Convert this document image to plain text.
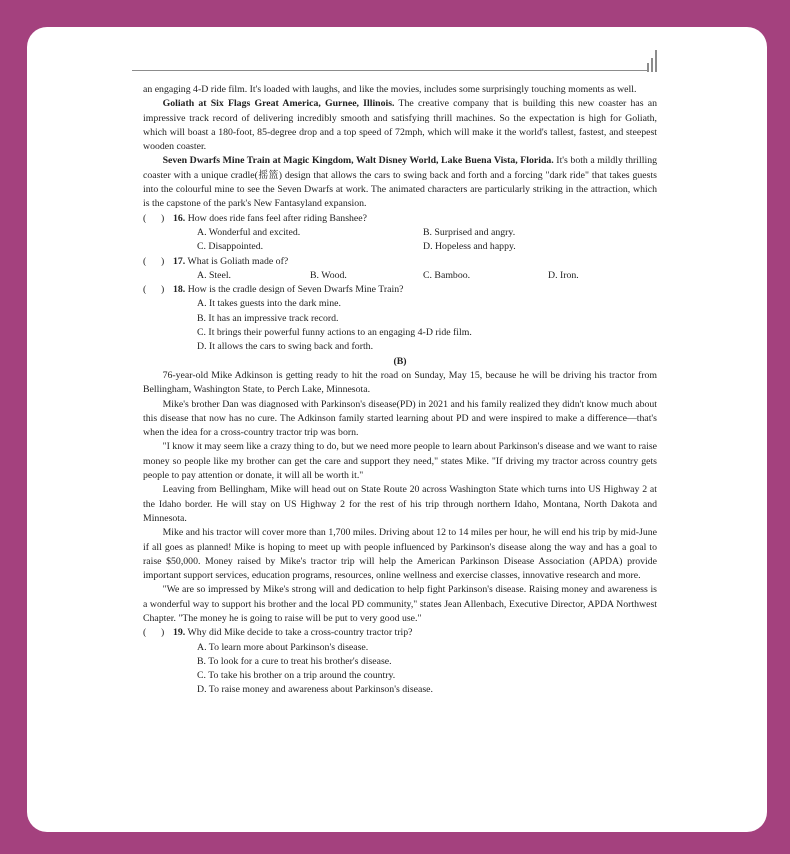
an engaging 4-D ride film. It's loaded with laughs, and like the movies, includes some surprisingly touching moments as well.

Goliath at Six Flags Great America, Gurnee, Illinois. The creative company that is building this new coaster has an impressive track record of delivering incredibly smooth and satisfying thrill machines. So the expectation is high for Goliath, which will boast a 180-foot, 85-degree drop and a top speed of 72mph, which will make it the world's tallest, fastest, and steepest wooden coaster.

Seven Dwarfs Mine Train at Magic Kingdom, Walt Disney World, Lake Buena Vista, Florida. It's both a mildly thrilling coaster with a unique cradle(摇篮) design that allows the cars to swing back and forth and a forcing "dark ride" that takes guests into the colourful mine to see the Seven Dwarfs at work. The animated characters are particularly striking in the attraction, which is the capstone of the park's New Fantasyland expansion.

(      ) 16. How does ride fans feel after riding Banshee?
A. Wonderful and excited.	B. Surprised and angry.
C. Disappointed.	D. Hopeless and happy.
(      ) 17. What is Goliath made of?
A. Steel.	B. Wood.	C. Bamboo.	D. Iron.
(      ) 18. How is the cradle design of Seven Dwarfs Mine Train?

A. It takes guests into the dark mine.

B. It has an impressive track record.

C. It brings their powerful funny actions to an engaging 4-D ride film.

D. It allows the cars to swing back and forth.

(B)

76-year-old Mike Adkinson is getting ready to hit the road on Sunday, May 15, because he will be driving his tractor from Bellingham, Washington State, to Perch Lake, Minnesota.

Mike's brother Dan was diagnosed with Parkinson's disease(PD) in 2021 and his family realized they didn't know much about this disease that now has no cure. The Adkinson family started learning about PD and were inspired to make a difference—that's when the idea for a cross-country tractor trip was born.

"I know it may seem like a crazy thing to do, but we need more people to learn about Parkinson's disease and we want to raise money so people like my brother can get the care and support they need," states Mike. "If driving my tractor across country gets people to pay attention or donate, it will all be worth it."

Leaving from Bellingham, Mike will head out on State Route 20 across Washington State which turns into US Highway 2 at the Idaho border. He will stay on US Highway 2 for the rest of his trip through northern Idaho, Montana, North Dakota and Minnesota.

Mike and his tractor will cover more than 1,700 miles. Driving about 12 to 14 miles per hour, he will end his trip by mid-June if all goes as planned! Mike is hoping to meet up with people influenced by Parkinson's disease along the way and has a goal to raise $50,000. Money raised by Mike's tractor trip will help the American Parkinson Disease Association (APDA) provide important support services, education programs, resources, online wellness and exercise classes, innovative research and more.

"We are so impressed by Mike's strong will and dedication to help fight Parkinson's disease. Raising money and awareness is a wonderful way to support his brother and the local PD community," states Jean Allenbach, Executive Director, APDA Northwest Chapter. "The money he is going to raise will be put to very good use."

(      ) 19. Why did Mike decide to take a cross-country tractor trip?

A. To learn more about Parkinson's disease.

B. To look for a cure to treat his brother's disease.

C. To take his brother on a trip around the country.

D. To raise money and awareness about Parkinson's disease.
